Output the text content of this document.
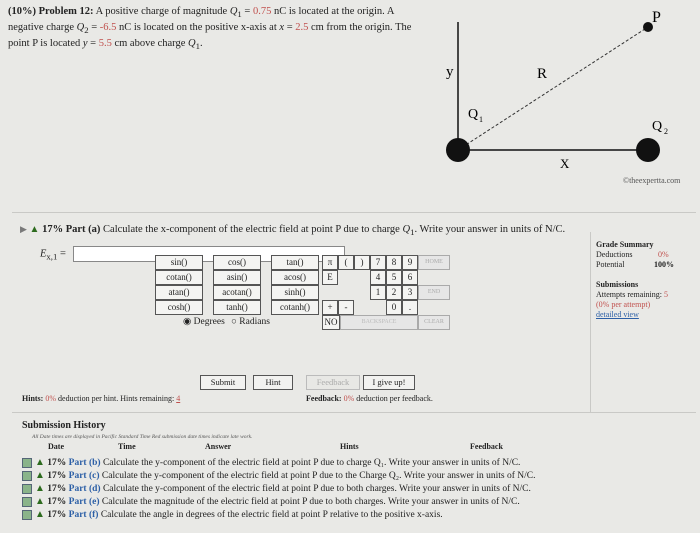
(10%) Problem 12: A positive charge of magnitude $Q_1 = 0.75$ nC is located at the origin. A
negative charge $Q_2 = -6.5$ nC is located on the positive x-axis at x = 2.5 cm from the origin. The
point P is located y = 5.5 cm above charge $Q_1$.
P
y	R
Q 1	Q 2
X
©theexpertta.com
▶ ▲ 17% Part (a) Calculate the x-component of the electric field at point P due to charge $Q_1$. Write your answer in units of N/C.
$E_{x,1}$ =
Grade Summary
Deductions	0%
Potential	100%
Submissions
Attempts remaining: 5
(0% per attempt)
detailed view
sin()	cos()	tan()
cotan()	asin()	acos()
atan()	acotan()	sinh()
cosh()	tanh()	cotanh()
◉ Degrees ○ Radians
π	(	)
E
7	8	9
4	5	6
1	2	3
+	-	0	.
NO	BACKSPACE
HOME
END
CLEAR
Submit	Hint	Feedback	I give up!
Hints: 0% deduction per hint. Hints remaining: 4	Feedback: 0% deduction per feedback.
Submission History
All Date times are displayed in Pacific Standard Time Red submission date times indicate late work.
Date	Time	Answer	Hints	Feedback
▲ 17% Part (b) Calculate the y-component of the electric field at point P due to charge Q₁. Write your answer in units of N/C.
▲ 17% Part (c) Calculate the y-component of the electric field at point P due to the Charge Q₂. Write your answer in units of N/C.
▲ 17% Part (d) Calculate the y-component of the electric field at point P due to both charges. Write your answer in units of N/C.
▲ 17% Part (e) Calculate the magnitude of the electric field at point P due to both charges. Write your answer in units of N/C.
▲ 17% Part (f) Calculate the angle in degrees of the electric field at point P relative to the positive x-axis.
